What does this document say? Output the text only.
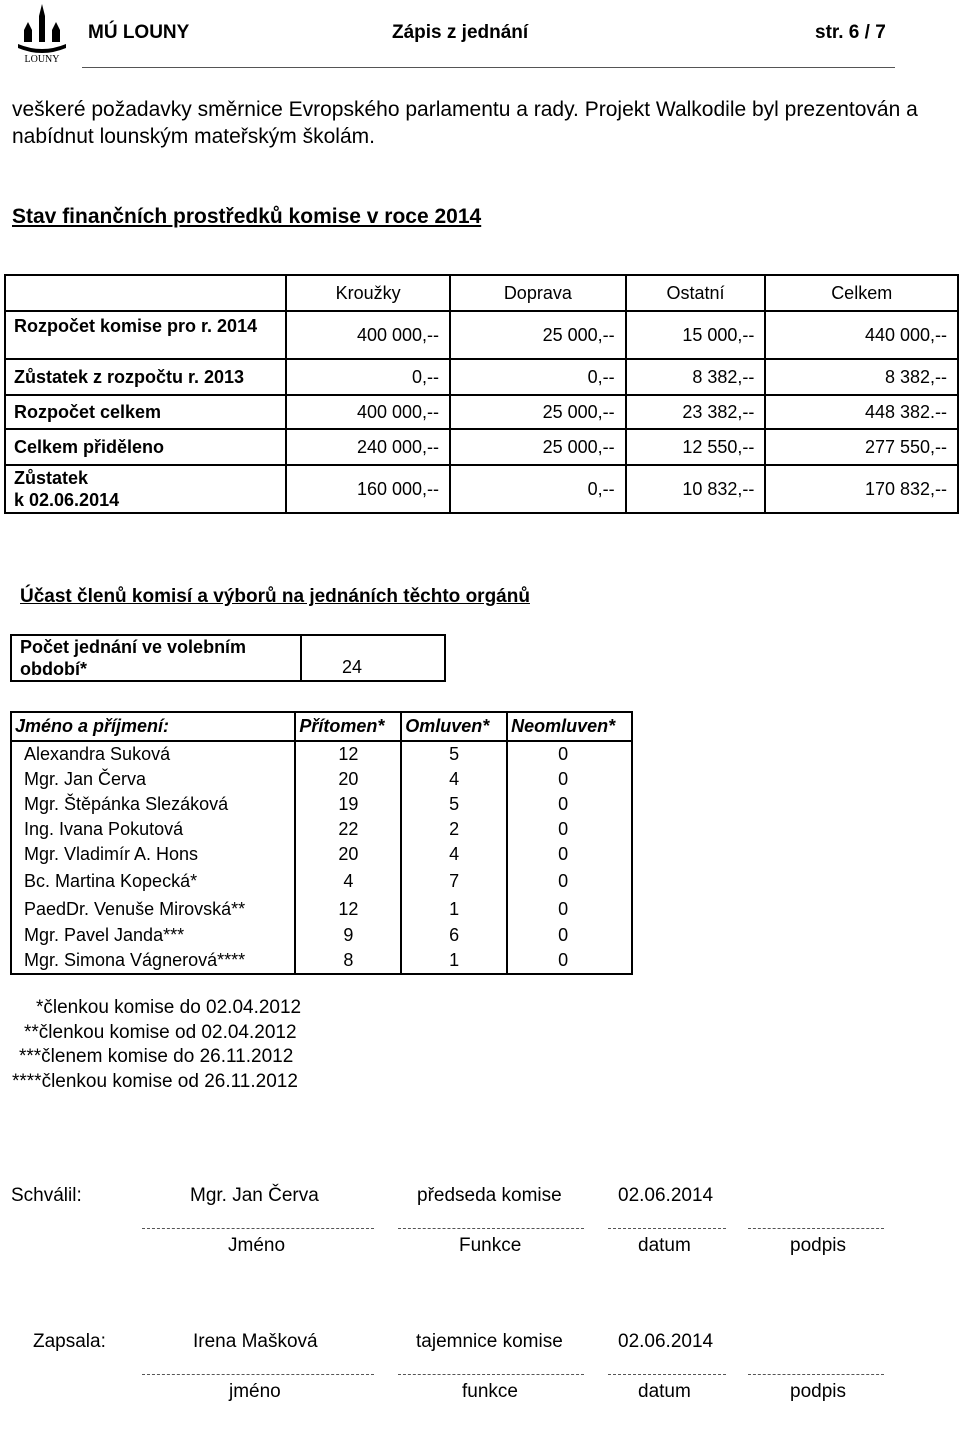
LOUNY
MÚ LOUNY	Zápis z jednání	str. 6 / 7
veškeré požadavky směrnice Evropského parlamentu a rady. Projekt Walkodile byl prezentován a nabídnut lounským mateřským školám.
Stav finančních prostředků komise v roce 2014
	Kroužky	Doprava	Ostatní	Celkem
Rozpočet komise pro r. 2014	400 000,--	25 000,--	15 000,--	440 000,--
Zůstatek z rozpočtu r. 2013	0,--	0,--	8 382,--	8 382,--
Rozpočet celkem	400 000,--	25 000,--	23 382,--	448 382.--
Celkem přiděleno	240 000,--	25 000,--	12 550,--	277 550,--
Zůstatek
k 02.06.2014	160 000,--	0,--	10 832,--	170 832,--
Účast členů komisí a výborů na jednáních těchto orgánů
Počet jednání ve volebním
období*	24
Jméno a příjmení:	Přítomen*	Omluven*	Neomluven*
Alexandra Suková	12	5	0
Mgr. Jan Červa	20	4	0
Mgr. Štěpánka Slezáková	19	5	0
Ing. Ivana Pokutová	22	2	0
Mgr. Vladimír A. Hons	20	4	0
Bc. Martina Kopecká*	4	7	0
PaedDr. Venuše Mirovská**	12	1	0
Mgr. Pavel Janda***	9	6	0
Mgr. Simona Vágnerová****	8	1	0
*členkou komise do 02.04.2012
**členkou komise od 02.04.2012
***členem komise do 26.11.2012
****členkou komise od 26.11.2012
Schválil:	Mgr. Jan Červa	předseda komise	02.06.2014
Jméno	Funkce	datum	podpis
Zapsala:	Irena Mašková	tajemnice komise	02.06.2014
jméno	funkce	datum	podpis
